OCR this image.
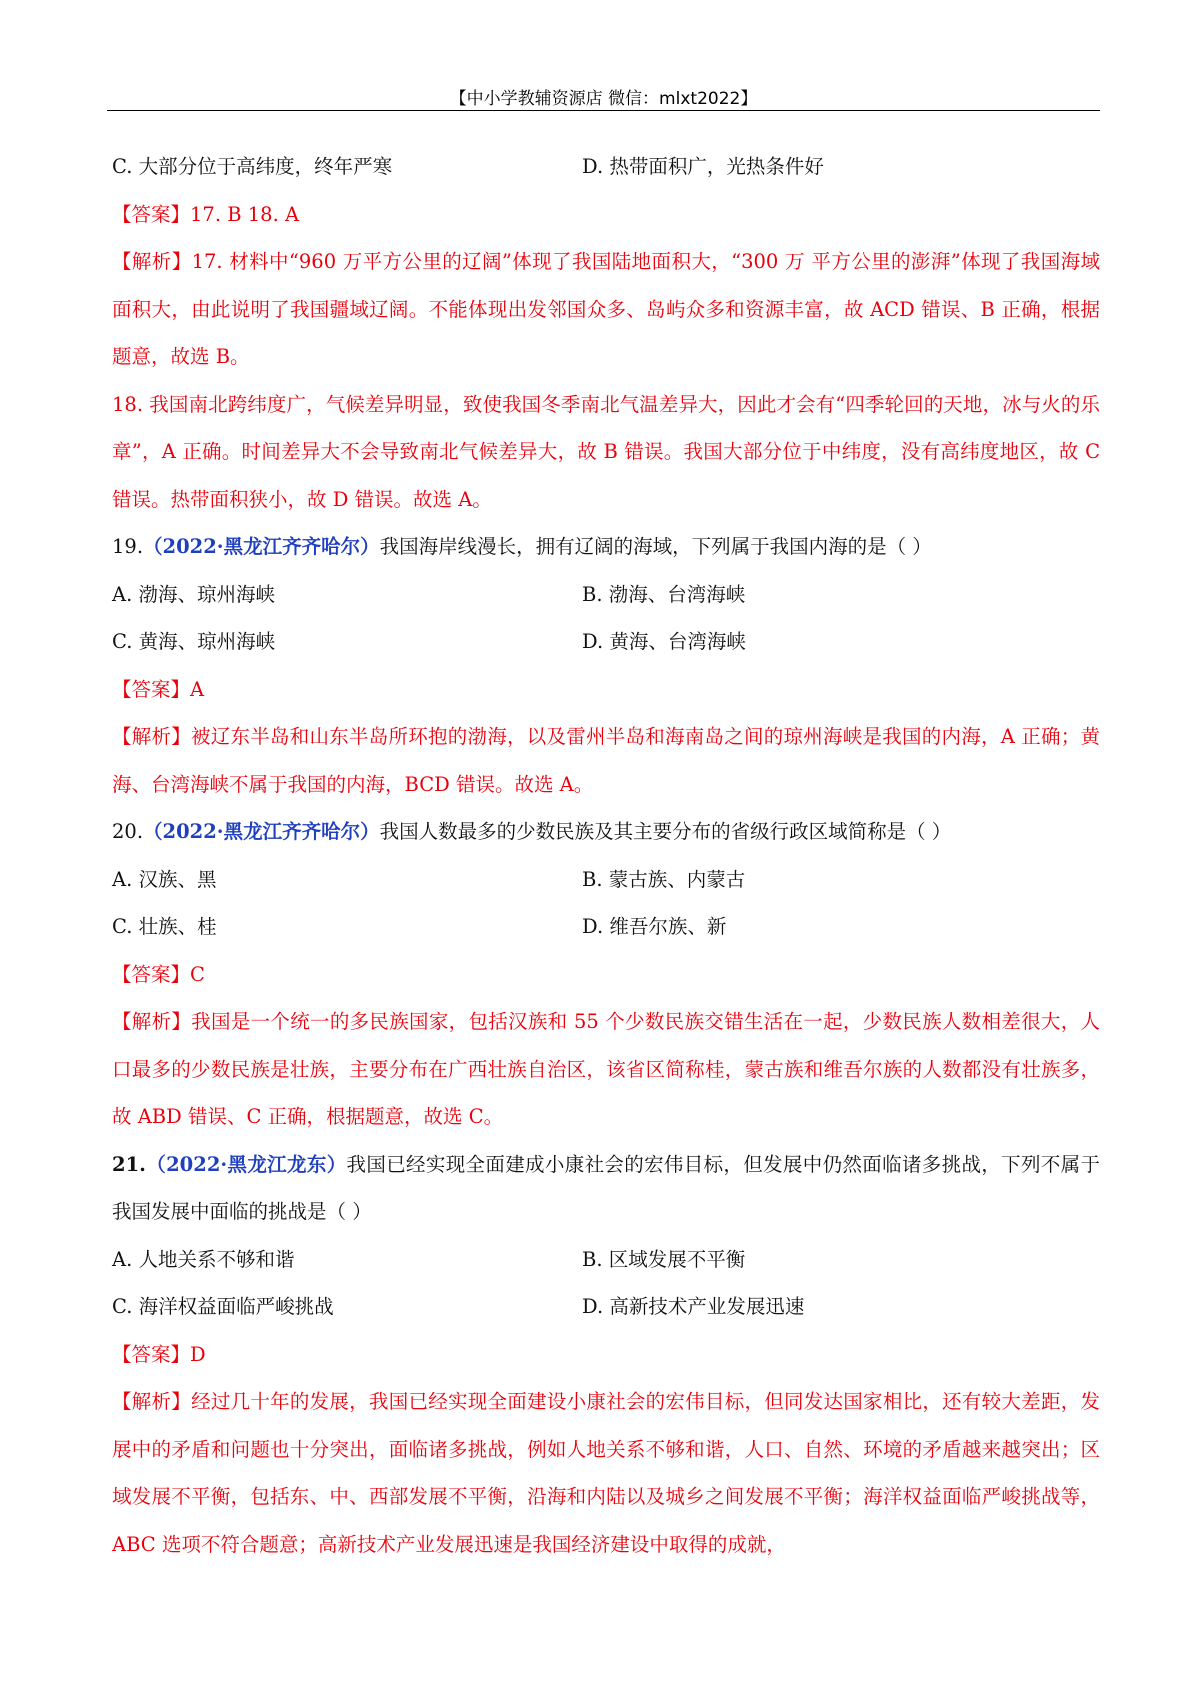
【中小学教辅资源店 微信：mlxt2022】
C. 大部分位于高纬度，终年严寒	D. 热带面积广，光热条件好
【答案】17. B 18. A
【解析】17. 材料中“960 万平方公里的辽阔”体现了我国陆地面积大，“300 万 平方公里的澎湃”体现了我国海域面积大，由此说明了我国疆域辽阔。不能体现出发邻国众多、岛屿众多和资源丰富，故 ACD 错误、B 正确，根据题意，故选 B。
18. 我国南北跨纬度广，气候差异明显，致使我国冬季南北气温差异大，因此才会有“四季轮回的天地，冰与火的乐章”，A 正确。时间差异大不会导致南北气候差异大，故 B 错误。我国大部分位于中纬度，没有高纬度地区，故 C 错误。热带面积狭小，故 D 错误。故选 A。
19.（2022·黑龙江齐齐哈尔）我国海岸线漫长，拥有辽阔的海域，下列属于我国内海的是（ ）
A. 渤海、琼州海峡	B. 渤海、台湾海峡
C. 黄海、琼州海峡	D. 黄海、台湾海峡
【答案】A
【解析】被辽东半岛和山东半岛所环抱的渤海，以及雷州半岛和海南岛之间的琼州海峡是我国的内海，A 正确；黄海、台湾海峡不属于我国的内海，BCD 错误。故选 A。
20.（2022·黑龙江齐齐哈尔）我国人数最多的少数民族及其主要分布的省级行政区域简称是（ ）
A. 汉族、黑	B. 蒙古族、内蒙古
C. 壮族、桂	D. 维吾尔族、新
【答案】C
【解析】我国是一个统一的多民族国家，包括汉族和 55 个少数民族交错生活在一起，少数民族人数相差很大，人口最多的少数民族是壮族，主要分布在广西壮族自治区，该省区简称桂，蒙古族和维吾尔族的人数都没有壮族多，故 ABD 错误、C 正确，根据题意，故选 C。
21.（2022·黑龙江龙东）我国已经实现全面建成小康社会的宏伟目标，但发展中仍然面临诸多挑战，下列不属于我国发展中面临的挑战是（ ）
A. 人地关系不够和谐	B. 区域发展不平衡
C. 海洋权益面临严峻挑战	D. 高新技术产业发展迅速
【答案】D
【解析】经过几十年的发展，我国已经实现全面建设小康社会的宏伟目标，但同发达国家相比，还有较大差距，发展中的矛盾和问题也十分突出，面临诸多挑战，例如人地关系不够和谐，人口、自然、环境的矛盾越来越突出；区域发展不平衡，包括东、中、西部发展不平衡，沿海和内陆以及城乡之间发展不平衡；海洋权益面临严峻挑战等，ABC 选项不符合题意；高新技术产业发展迅速是我国经济建设中取得的成就，
